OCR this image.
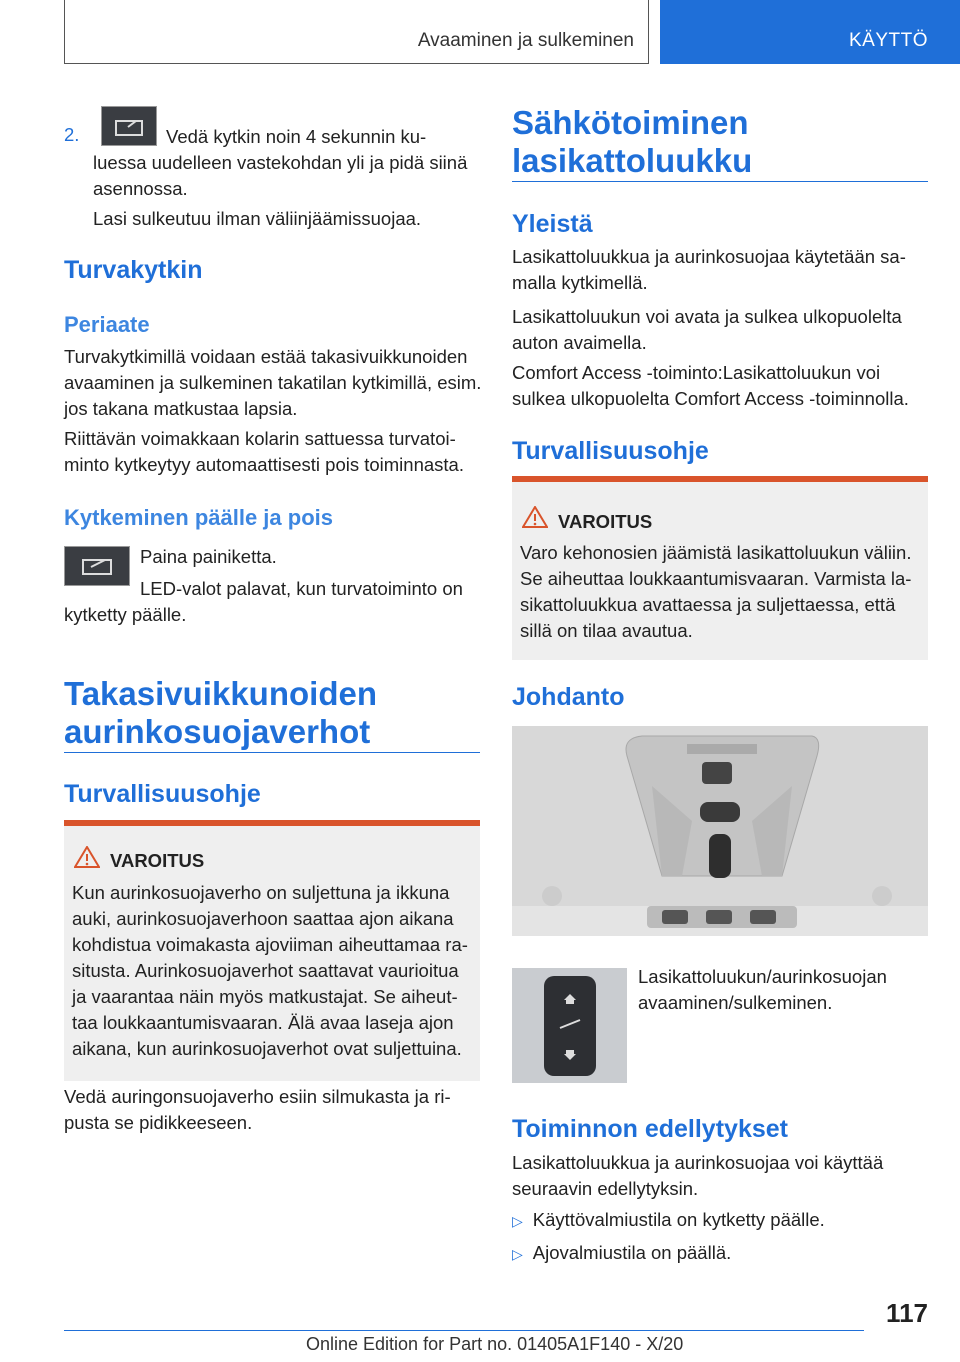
Avaaminen ja sulkeminen	KÄYTTÖ
2.	Vedä kytkin noin 4 sekunnin ku-

luessa uudelleen vastekohdan yli ja pidä siinä asennossa.

Lasi sulkeutuu ilman väliinjäämissuojaa.

Turvakytkin
Periaate

Turvakytkimillä voidaan estää takasivuikkunoiden avaaminen ja sulkeminen takatilan kytkimillä, esim. jos takana matkustaa lapsia.

Riittävän voimakkaan kolarin sattuessa turvatoi- minto kytkeytyy automaattisesti pois toiminnasta.

Kytkeminen päälle ja pois

Paina painiketta.

LED-valot palavat, kun turvatoiminto on kytketty päälle.

Takasivuikkunoiden aurinkosuojaverhot
Turvallisuusohje
VAROITUS

Kun aurinkosuojaverho on suljettuna ja ikkuna auki, aurinkosuojaverhoon saattaa ajon aikana kohdistua voimakasta ajoviiman aiheuttamaa ra- situsta. Aurinkosuojaverhot saattavat vaurioitua ja vaarantaa näin myös matkustajat. Se aiheut- taa loukkaantumisvaaran. Älä avaa laseja ajon aikana, kun aurinkosuojaverhot ovat suljettuina.

Vedä auringonsuojaverho esiin silmukasta ja ri- pusta se pidikkeeseen.

Sähkötoiminen lasikattoluukku
Yleistä

Lasikattoluukkua ja aurinkosuojaa käytetään sa- malla kytkimellä.

Lasikattoluukun voi avata ja sulkea ulkopuolelta auton avaimella.

Comfort Access -toiminto:Lasikattoluukun voi sulkea ulkopuolelta Comfort Access -toiminnolla.

Turvallisuusohje
VAROITUS

Varo kehonosien jäämistä lasikattoluukun väliin. Se aiheuttaa loukkaantumisvaaran. Varmista la- sikattoluukkua avattaessa ja suljettaessa, että sillä on tilaa avautua.

Johdanto

Lasikattoluukun/aurinkosuojan avaaminen/sulkeminen.

Toiminnon edellytykset

Lasikattoluukkua ja aurinkosuojaa voi käyttää seuraavin edellytyksin.

▷ Käyttövalmiustila on kytketty päälle.

▷ Ajovalmiustila on päällä.

117
Online Edition for Part no. 01405A1F140 - X/20
